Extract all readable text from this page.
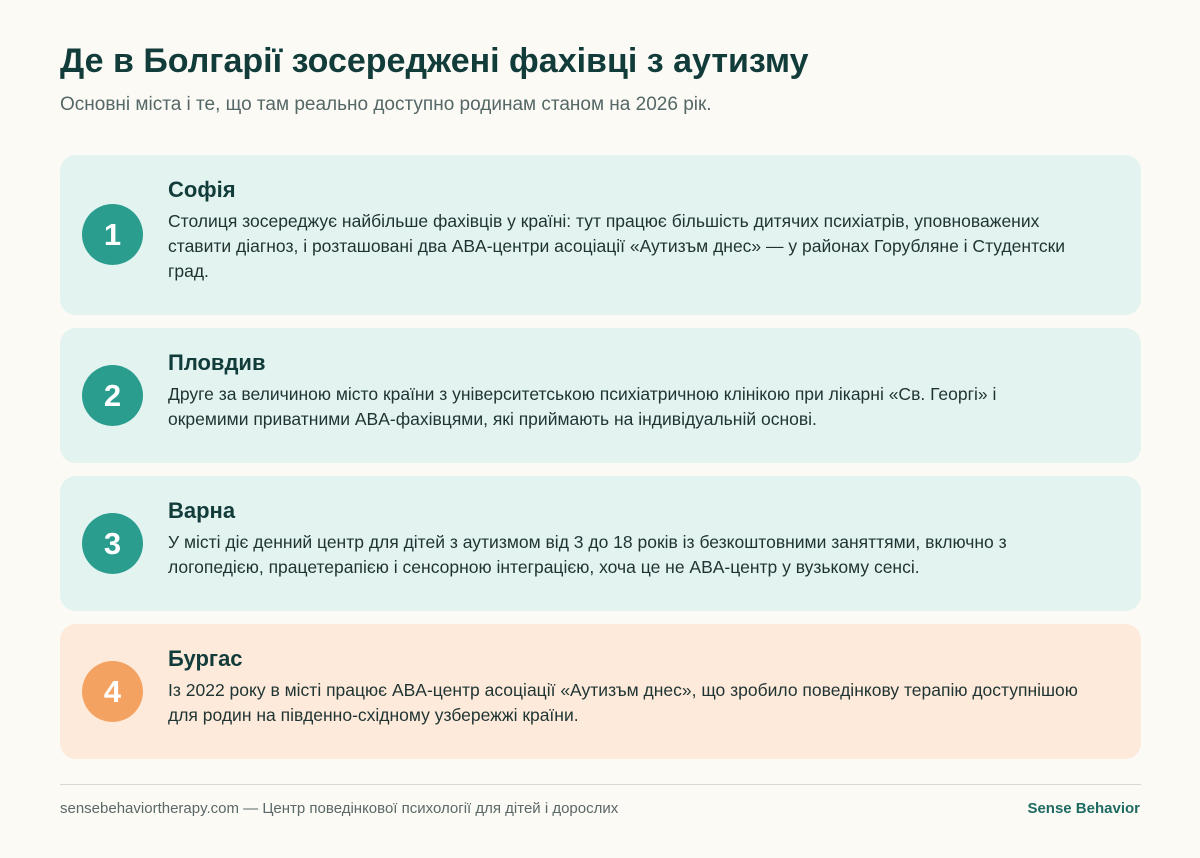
Де в Болгарії зосереджені фахівці з аутизму

Основні міста і те, що там реально доступно родинам станом на 2026 рік.

1
Софія
Столиця зосереджує найбільше фахівців у країні: тут працює більшість дитячих психіатрів, уповноважених ставити діагноз, і розташовані два ABA-центри асоціації «Аутизъм днес» — у районах Горубляне і Студентски град.
2
Пловдив
Друге за величиною місто країни з університетською психіатричною клінікою при лікарні «Св. Георгі» і окремими приватними ABA-фахівцями, які приймають на індивідуальній основі.
3
Варна
У місті діє денний центр для дітей з аутизмом від 3 до 18 років із безкоштовними заняттями, включно з логопедією, працетерапією і сенсорною інтеграцією, хоча це не ABA-центр у вузькому сенсі.
4
Бургас
Із 2022 року в місті працює ABA-центр асоціації «Аутизъм днес», що зробило поведінкову терапію доступнішою для родин на південно-східному узбережжі країни.
sensebehaviortherapy.com — Центр поведінкової психології для дітей і дорослих	Sense Behavior
